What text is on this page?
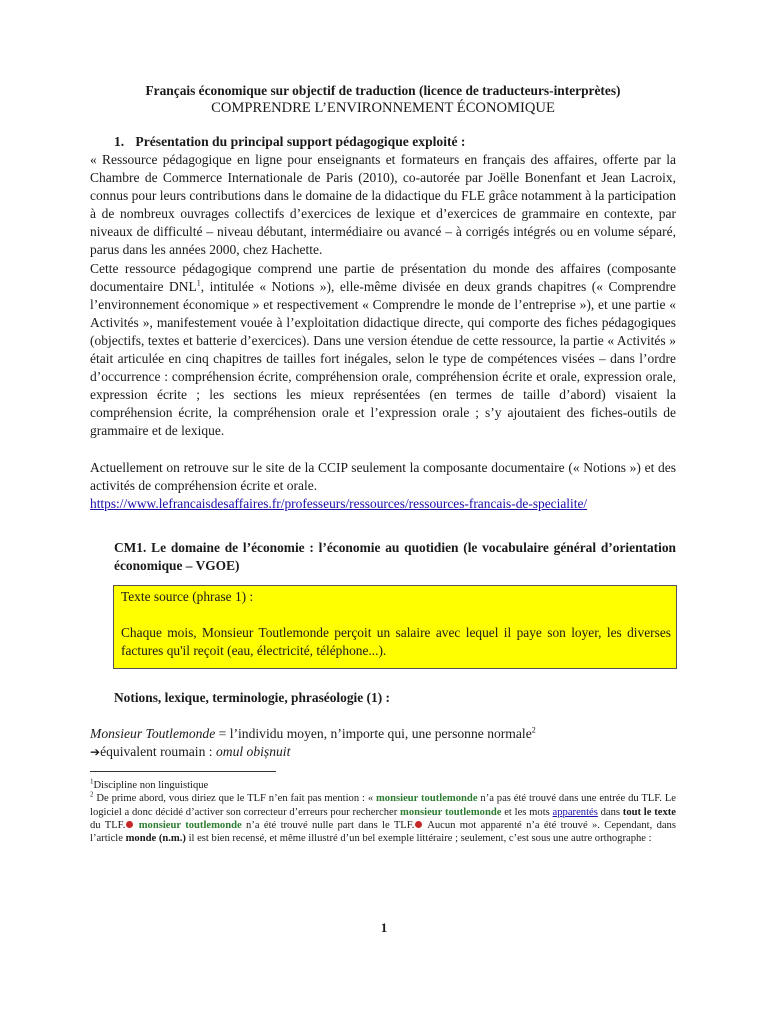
Français économique sur objectif de traduction (licence de traducteurs-interprètes)
COMPRENDRE L’ENVIRONNEMENT ÉCONOMIQUE
1. Présentation du principal support pédagogique exploité :

« Ressource pédagogique en ligne pour enseignants et formateurs en français des affaires, offerte par la Chambre de Commerce Internationale de Paris (2010), co-autorée par Joëlle Bonenfant et Jean Lacroix, connus pour leurs contributions dans le domaine de la didactique du FLE grâce notamment à la participation à de nombreux ouvrages collectifs d’exercices de lexique et d’exercices de grammaire en contexte, par niveaux de difficulté – niveau débutant, intermédiaire ou avancé – à corrigés intégrés ou en volume séparé, parus dans les années 2000, chez Hachette.

Cette ressource pédagogique comprend une partie de présentation du monde des affaires (composante documentaire DNL$^1$, intitulée « Notions »), elle-même divisée en deux grands chapitres (« Comprendre l’environnement économique » et respectivement « Comprendre le monde de l’entreprise »), et une partie « Activités », manifestement vouée à l’exploitation didactique directe, qui comporte des fiches pédagogiques (objectifs, textes et batterie d’exercices). Dans une version étendue de cette ressource, la partie « Activités » était articulée en cinq chapitres de tailles fort inégales, selon le type de compétences visées – dans l’ordre d’occurrence : compréhension écrite, compréhension orale, compréhension écrite et orale, expression orale, expression écrite ; les sections les mieux représentées (en termes de taille d’abord) visaient la compréhension écrite, la compréhension orale et l’expression orale ; s’y ajoutaient des fiches-outils de grammaire et de lexique.

Actuellement on retrouve sur le site de la CCIP seulement la composante documentaire (« Notions ») et des activités de compréhension écrite et orale.

https://www.lefrancaisdesaffaires.fr/professeurs/ressources/ressources-francais-de-specialite/
CM1. Le domaine de l’économie : l’économie au quotidien (le vocabulaire général d’orientation économique – VGOE)
Texte source (phrase 1) :
Chaque mois, Monsieur Toutlemonde perçoit un salaire avec lequel il paye son loyer, les diverses factures qu'il reçoit (eau, électricité, téléphone...).
Notions, lexique, terminologie, phraséologie (1) :
Monsieur Toutlemonde = l’individu moyen, n’importe qui, une personne normale$^2$
➔équivalent roumain : omul obișnuit
$^1$Discipline non linguistique
$^2$ De prime abord, vous diriez que le TLF n’en fait pas mention : « monsieur toutlemonde n’a pas été trouvé dans une entrée du TLF. Le logiciel a donc décidé d’activer son correcteur d’erreurs pour rechercher monsieur toutlemonde et les mots apparentés dans tout le texte du TLF. monsieur toutlemonde n’a été trouvé nulle part dans le TLF. Aucun mot apparenté n’a été trouvé ». Cependant, dans l’article monde (n.m.) il est bien recensé, et même illustré d’un bel exemple littéraire ; seulement, c’est sous une autre orthographe :
1
